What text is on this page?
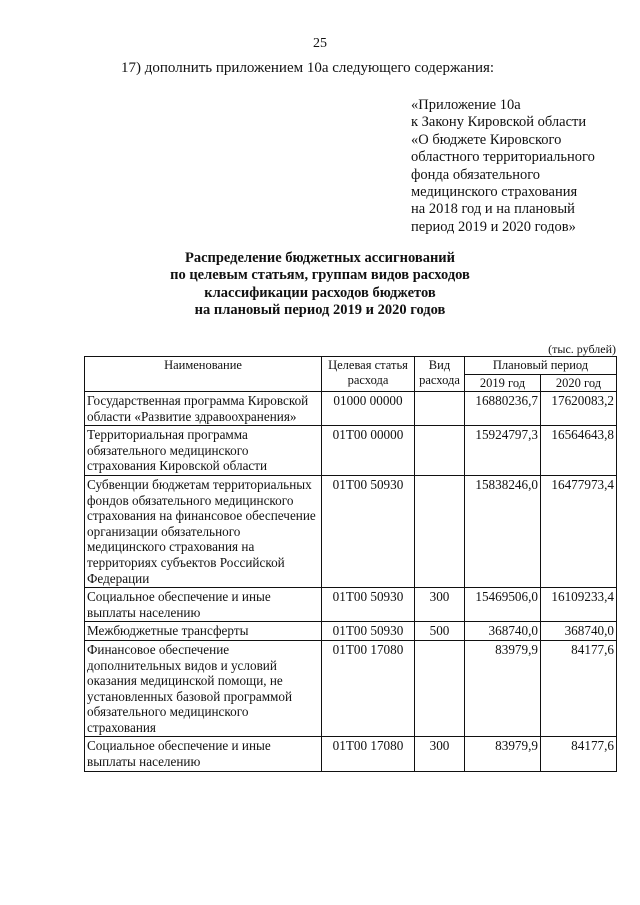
25
17) дополнить приложением 10а следующего содержания:
«Приложение 10а
к Закону Кировской области
«О бюджете Кировского
областного территориального
фонда обязательного
медицинского страхования
на 2018 год и на плановый
период 2019 и 2020 годов»
Распределение бюджетных ассигнований
по целевым статьям, группам видов расходов
классификации расходов бюджетов
на плановый период 2019 и 2020 годов
(тыс. рублей)
Наименование	Целевая статья расхода	Вид расхода	Плановый период	
			2019 год	2020 год
Государственная программа Кировской области «Развитие здравоохранения»	01000 00000		16880236,7	17620083,2
Территориальная программа обязательного медицинского страхования Кировской области	01Т00 00000		15924797,3	16564643,8
Субвенции бюджетам территориальных фондов обязательного медицинского страхования на финансовое обеспечение организации обязательного медицинского страхования на территориях субъектов Российской Федерации	01Т00 50930		15838246,0	16477973,4
Социальное обеспечение и иные выплаты населению	01Т00 50930	300	15469506,0	16109233,4
Межбюджетные трансферты	01Т00 50930	500	368740,0	368740,0
Финансовое обеспечение дополнительных видов и условий оказания медицинской помощи, не установленных базовой программой обязательного медицинского страхования	01Т00 17080		83979,9	84177,6
Социальное обеспечение и иные выплаты населению	01Т00 17080	300	83979,9	84177,6
